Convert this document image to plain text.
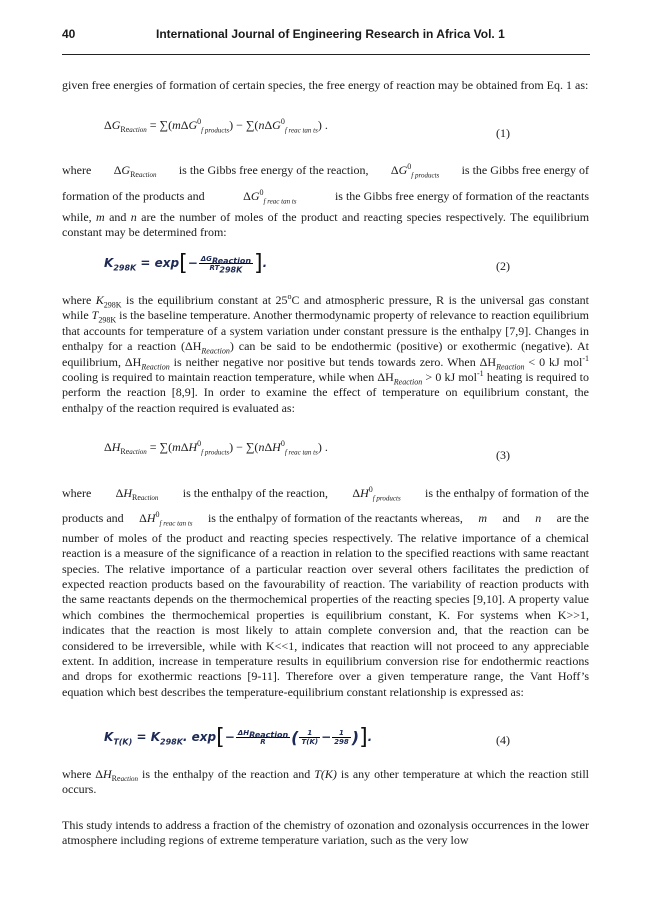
40	International Journal of Engineering Research in Africa Vol. 1

given free energies of formation of certain species, the free energy of reaction may be obtained from Eq. 1 as:

$\Delta G_{Reaction} = \sum(m\Delta G^0_{f products}) - \sum(n\Delta G^0_{f reac tan ts})$ .
(1)
where $\Delta G_{Reaction}$ is the Gibbs free energy of the reaction, $\Delta G^0_{f products}$ is the Gibbs free energy of
formation of the products and	$\Delta G^0_{f reac tan ts}$	is the Gibbs free energy of formation of the reactants
while, m and n are the number of moles of the product and reacting species respectively. The equilibrium constant may be determined from:
$K_{298K} = \exp[- \frac{\Delta G_{Reaction}}{RT_{298K}}$ ].	(2)

where $K_{298K}$ is the equilibrium constant at 25$^o$C and atmospheric pressure, R is the universal gas constant while $T_{298K}$ is the baseline temperature. Another thermodynamic property of relevance to reaction equilibrium that accounts for temperature of a system variation under constant pressure is the enthalpy [7,9]. Changes in enthalpy for a reaction $(\Delta H_{Reaction})$ can be said to be endothermic (positive) or exothermic (negative). At equilibrium, $\Delta H_{Reaction}$ is neither negative nor positive but tends towards zero. When $\Delta H_{Reaction} < 0$ kJ mol$^{-1}$ cooling is required to maintain reaction temperature, while when $\Delta H_{Reaction} > 0$ kJ mol$^{-1}$ heating is required to perform the reaction [8,9]. In order to examine the effect of temperature on equilibrium constant, the enthalpy of the reaction required is evaluated as:

$\Delta H_{Reaction} = \sum(m\Delta H^0_{f products}) - \sum(n\Delta H^0_{f reac tan ts})$ .
(3)
where $\Delta H_{Reaction}$ is the enthalpy of the reaction, $\Delta H^0_{f products}$ is the enthalpy of formation of the
products and $\Delta H^0_{f reac tan ts}$ is the enthalpy of formation of the reactants whereas, m and n are the
number of moles of the product and reacting species respectively. The relative importance of a chemical reaction is a measure of the significance of a reaction in relation to the specified reactions with same reactant species. The relative importance of a particular reaction over several others facilitates the prediction of expected reaction products based on the favourability of reaction. The variability of reaction products with the same reactants depends on the thermochemical properties of the reacting species [9,10]. A property value which combines the thermochemical properties is equilibrium constant, K. For systems when K>>1, indicates that the reaction is most likely to attain complete conversion and, that the reaction can be considered to be irreversible, while with K<<1, indicates that reaction will not proceed to any appreciable extent. In addition, increase in temperature results in equilibrium conversion rise for endothermic reactions and drops for exothermic reactions [9-11]. Therefore over a given temperature range, the Vant Hoff’s equation which best describes the temperature-equilibrium constant relationship is expressed as:
$K_{T(K)} = K_{298K}$. $\exp[- \frac{\Delta H_{Reaction}}{R}$ ( $\frac{1}{T(K)} - \frac{1}{298}$ )].	(4)
where $\Delta H_{Reaction}$ is the enthalpy of the reaction and T(K) is any other temperature at which the reaction still occurs.

This study intends to address a fraction of the chemistry of ozonation and ozonalysis occurrences in the lower atmosphere including regions of extreme temperature variation, such as the very low
